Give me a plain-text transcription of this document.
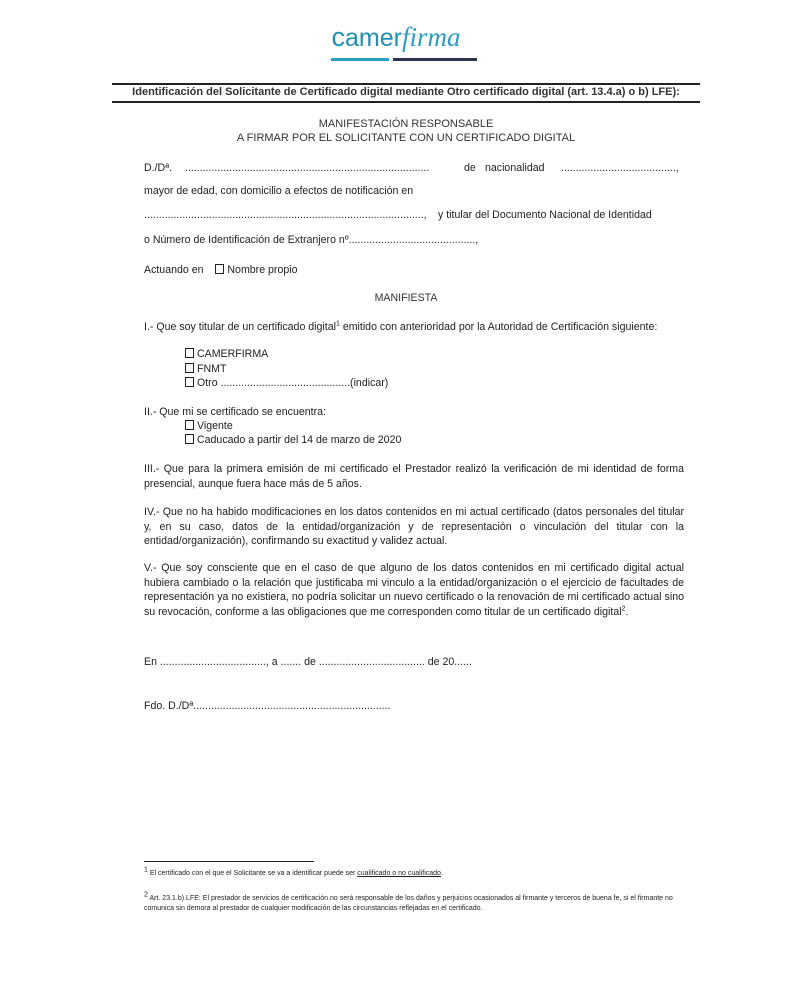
camerfirma
Identificación del Solicitante de Certificado digital mediante Otro certificado digital (art. 13.4.a) o b) LFE):
MANIFESTACIÓN RESPONSABLE
A FIRMAR POR EL SOLICITANTE CON UN CERTIFICADO DIGITAL
D./Dª. ...................................................................................	de nacionalidad .......................................,
mayor de edad, con domicilio a efectos de notificación en
..............................................................................................., y titular del Documento Nacional de Identidad
o Número de Identificación de Extranjero nº...........................................,
Actuando en Nombre propio
MANIFIESTA
I.- Que soy titular de un certificado digital$^1$ emitido con anterioridad por la Autoridad de Certificación siguiente:
CAMERFIRMA
FNMT
Otro ............................................(indicar)
II.- Que mi se certificado se encuentra:
Vigente
Caducado a partir del 14 de marzo de 2020
III.- Que para la primera emisión de mi certificado el Prestador realizó la verificación de mi identidad de forma presencial, aunque fuera hace más de 5 años.
IV.- Que no ha habido modificaciones en los datos contenidos en mi actual certificado (datos personales del titular y, en su caso, datos de la entidad/organización y de representación o vinculación del titular con la entidad/organización), confirmando su exactitud y validez actual.
V.- Que soy consciente que en el caso de que alguno de los datos contenidos en mi certificado digital actual hubiera cambiado o la relación que justificaba mi vinculo a la entidad/organización o el ejercicio de facultades de representación ya no existiera, no podría solicitar un nuevo certificado o la renovación de mi certificado actual sino su revocación, conforme a las obligaciones que me corresponden como titular de un certificado digital$^2$.
En ...................................., a ....... de .................................... de 20......
Fdo. D./Dª...................................................................
$^1$ El certificado con el que el Solicitante se va a identificar puede ser cualificado o no cualificado.
$^2$ Art. 23.1.b) LFE: El prestador de servicios de certificación no será responsable de los daños y perjuicios ocasionados al firmante y terceros de buena fe, si el firmante no comunica sin demora al prestador de cualquier modificación de las circunstancias reflejadas en el certificado.
